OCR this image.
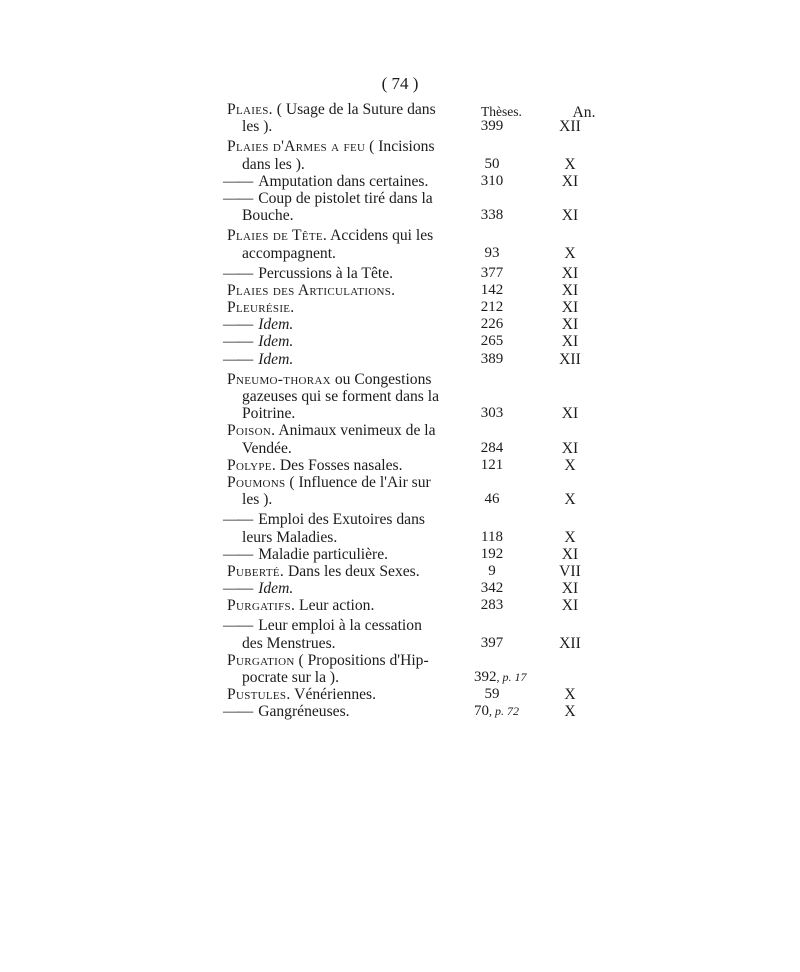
( 74 )
Thèses.	An.
Plaies. ( Usage de la Suture dans
les ).	399	XII
Plaies d'Armes a feu ( Incisions
dans les ).	50	X
—— Amputation dans certaines.	310	XI
—— Coup de pistolet tiré dans la
Bouche.	338	XI
Plaies de Tête. Accidens qui les
accompagnent.	93	X
—— Percussions à la Tête.	377	XI
Plaies des Articulations.	142	XI
Pleurésie.	212	XI
—— Idem.	226	XI
—— Idem.	265	XI
—— Idem.	389	XII
Pneumo-thorax ou Congestions
gazeuses qui se forment dans la
Poitrine.	303	XI
Poison. Animaux venimeux de la
Vendée.	284	XI
Polype. Des Fosses nasales.	121	X
Poumons ( Influence de l'Air sur
les ).	46	X
—— Emploi des Exutoires dans
leurs Maladies.	118	X
—— Maladie particulière.	192	XI
Puberté. Dans les deux Sexes.	9	VII
—— Idem.	342	XI
Purgatifs. Leur action.	283	XI
—— Leur emploi à la cessation
des Menstrues.	397	XII
Purgation ( Propositions d'Hip-
pocrate sur la ).	392, p. 17
Pustules. Vénériennes.	59	X
—— Gangréneuses.	70, p. 72	X
